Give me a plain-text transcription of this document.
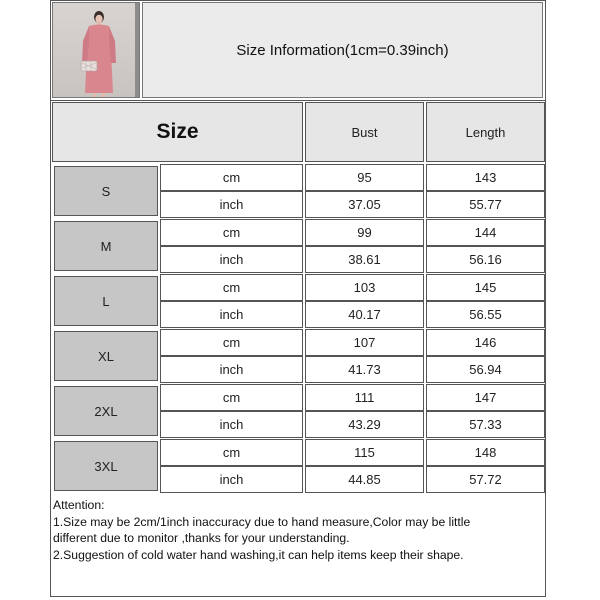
Size Information(1cm=0.39inch)
Size	Bust	Length
S
cm	95	143
inch	37.05	55.77
M
cm	99	144
inch	38.61	56.16
L
cm	103	145
inch	40.17	56.55
XL
cm	107	146
inch	41.73	56.94
2XL
cm	111	147
inch	43.29	57.33
3XL
cm	115	148
inch	44.85	57.72
Attention:
1.Size may be 2cm/1inch inaccuracy due to hand measure,Color may be little
different due to monitor ,thanks for your understanding.
2.Suggestion of cold water hand washing,it can help items keep their shape.
